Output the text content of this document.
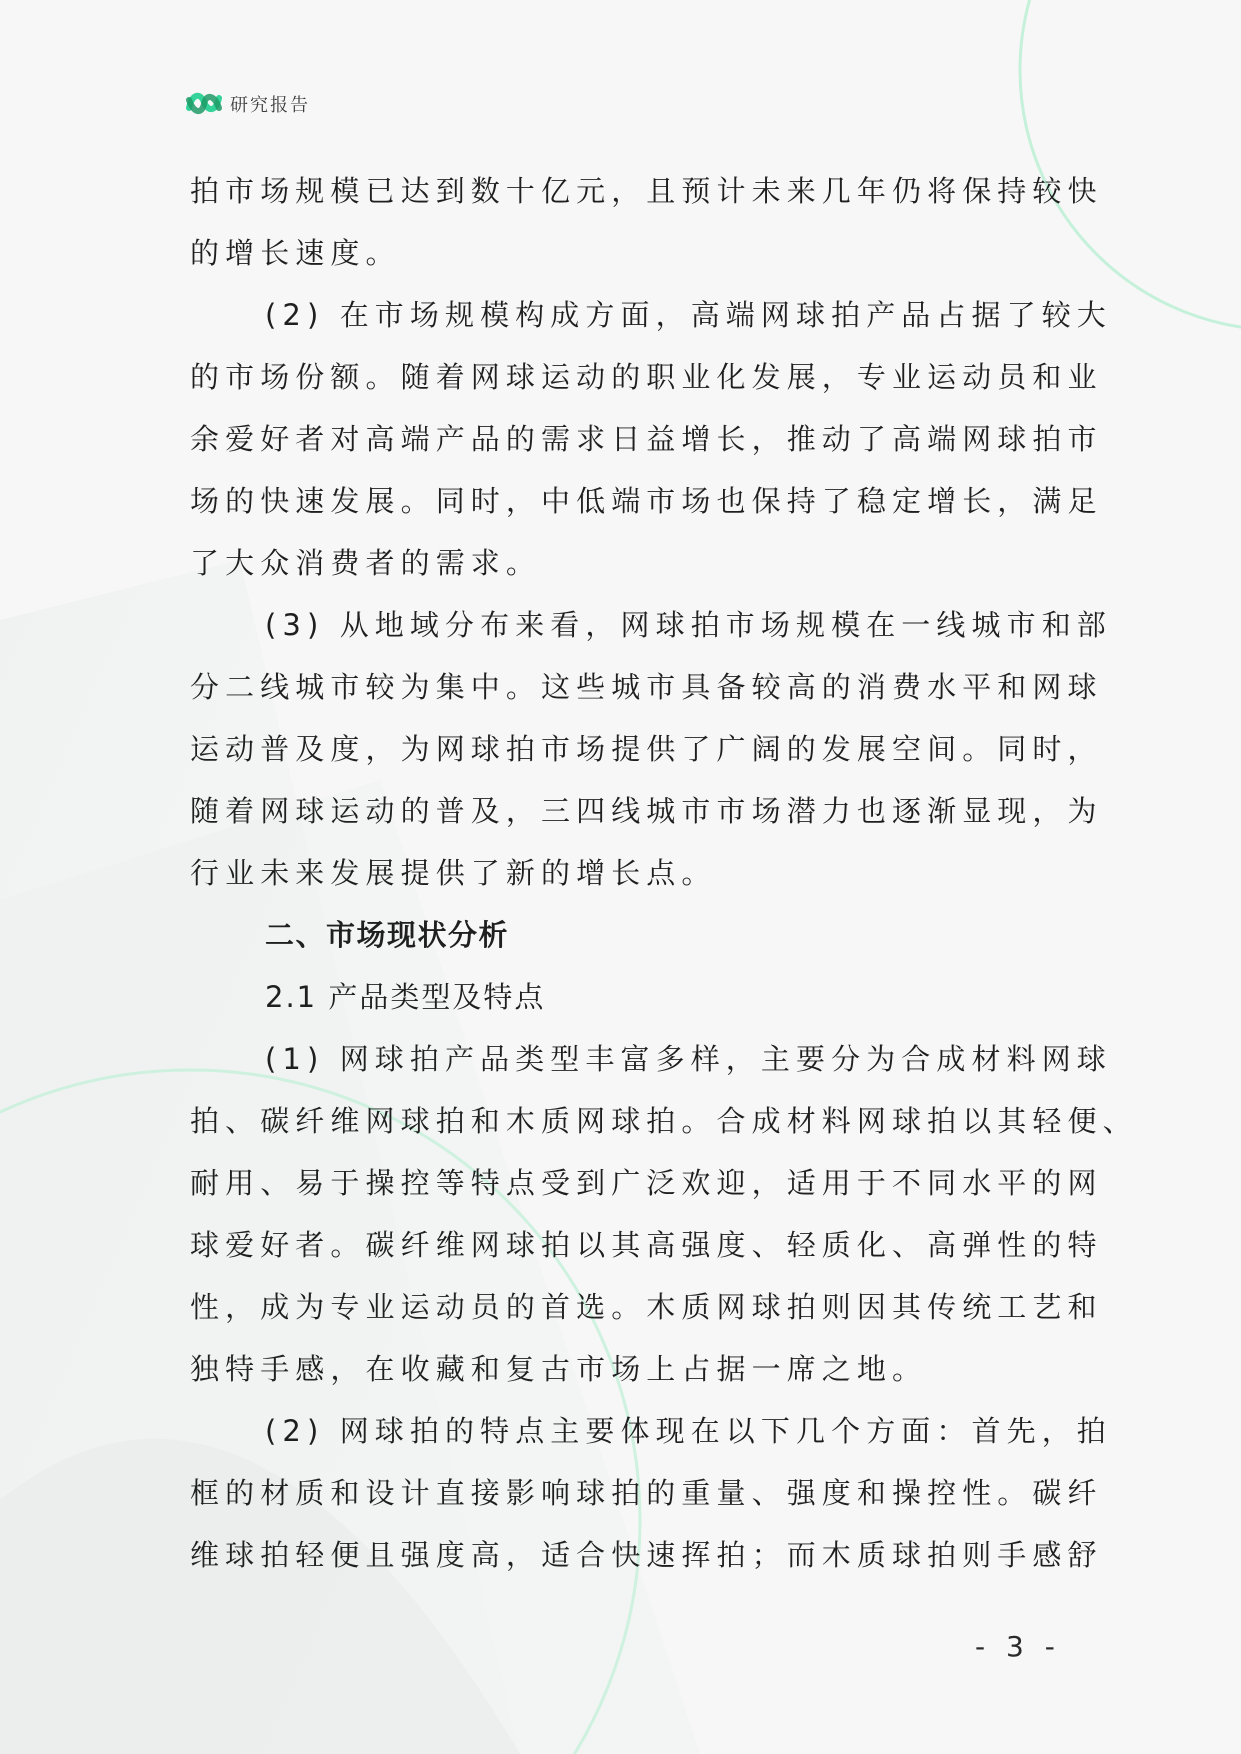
研究报告
拍市场规模已达到数十亿元，且预计未来几年仍将保持较快
的增长速度。
(2) 在市场规模构成方面，高端网球拍产品占据了较大
的市场份额。随着网球运动的职业化发展，专业运动员和业
余爱好者对高端产品的需求日益增长，推动了高端网球拍市
场的快速发展。同时，中低端市场也保持了稳定增长，满足
了大众消费者的需求。
(3) 从地域分布来看，网球拍市场规模在一线城市和部
分二线城市较为集中。这些城市具备较高的消费水平和网球
运动普及度，为网球拍市场提供了广阔的发展空间。同时，
随着网球运动的普及，三四线城市市场潜力也逐渐显现，为
行业未来发展提供了新的增长点。
二、市场现状分析
2.1 产品类型及特点
(1) 网球拍产品类型丰富多样，主要分为合成材料网球
拍、碳纤维网球拍和木质网球拍。合成材料网球拍以其轻便、
耐用、易于操控等特点受到广泛欢迎，适用于不同水平的网
球爱好者。碳纤维网球拍以其高强度、轻质化、高弹性的特
性，成为专业运动员的首选。木质网球拍则因其传统工艺和
独特手感，在收藏和复古市场上占据一席之地。
(2) 网球拍的特点主要体现在以下几个方面：首先，拍
框的材质和设计直接影响球拍的重量、强度和操控性。碳纤
维球拍轻便且强度高，适合快速挥拍；而木质球拍则手感舒
- 3 -
